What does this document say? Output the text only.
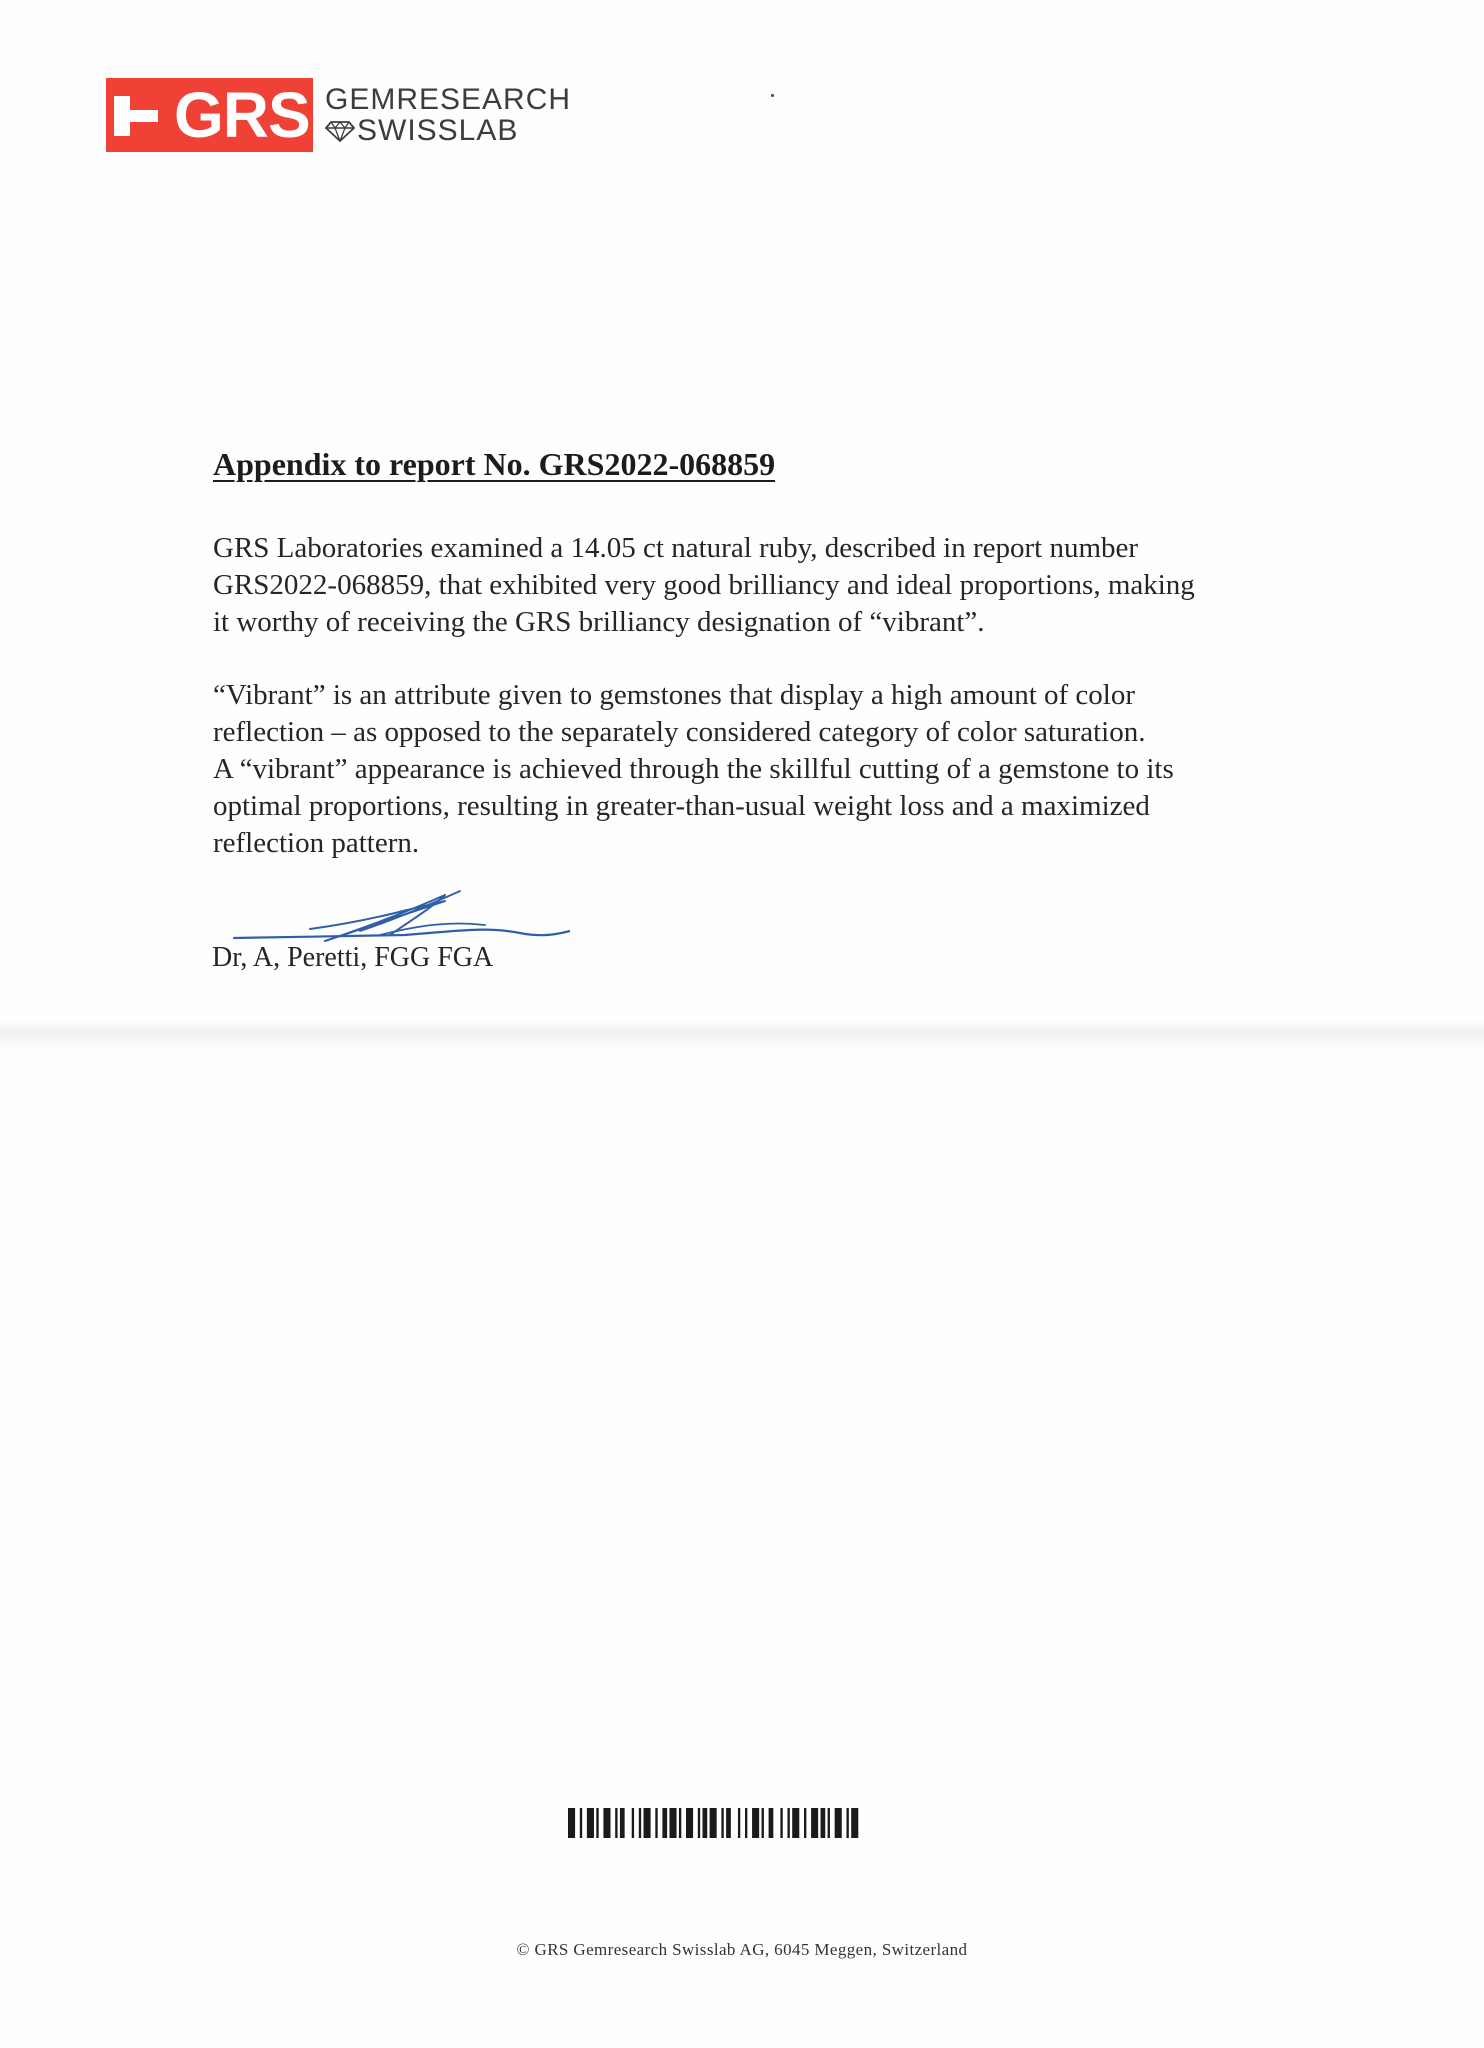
GRS GEMRESEARCH
SWISSLAB
Appendix to report No. GRS2022-068859
GRS Laboratories examined a 14.05 ct natural ruby, described in report number
GRS2022-068859, that exhibited very good brilliancy and ideal proportions, making
it worthy of receiving the GRS brilliancy designation of “vibrant”.
“Vibrant” is an attribute given to gemstones that display a high amount of color
reflection – as opposed to the separately considered category of color saturation.
A “vibrant” appearance is achieved through the skillful cutting of a gemstone to its
optimal proportions, resulting in greater-than-usual weight loss and a maximized
reflection pattern.
Dr, A, Peretti, FGG FGA
© GRS Gemresearch Swisslab AG, 6045 Meggen, Switzerland
